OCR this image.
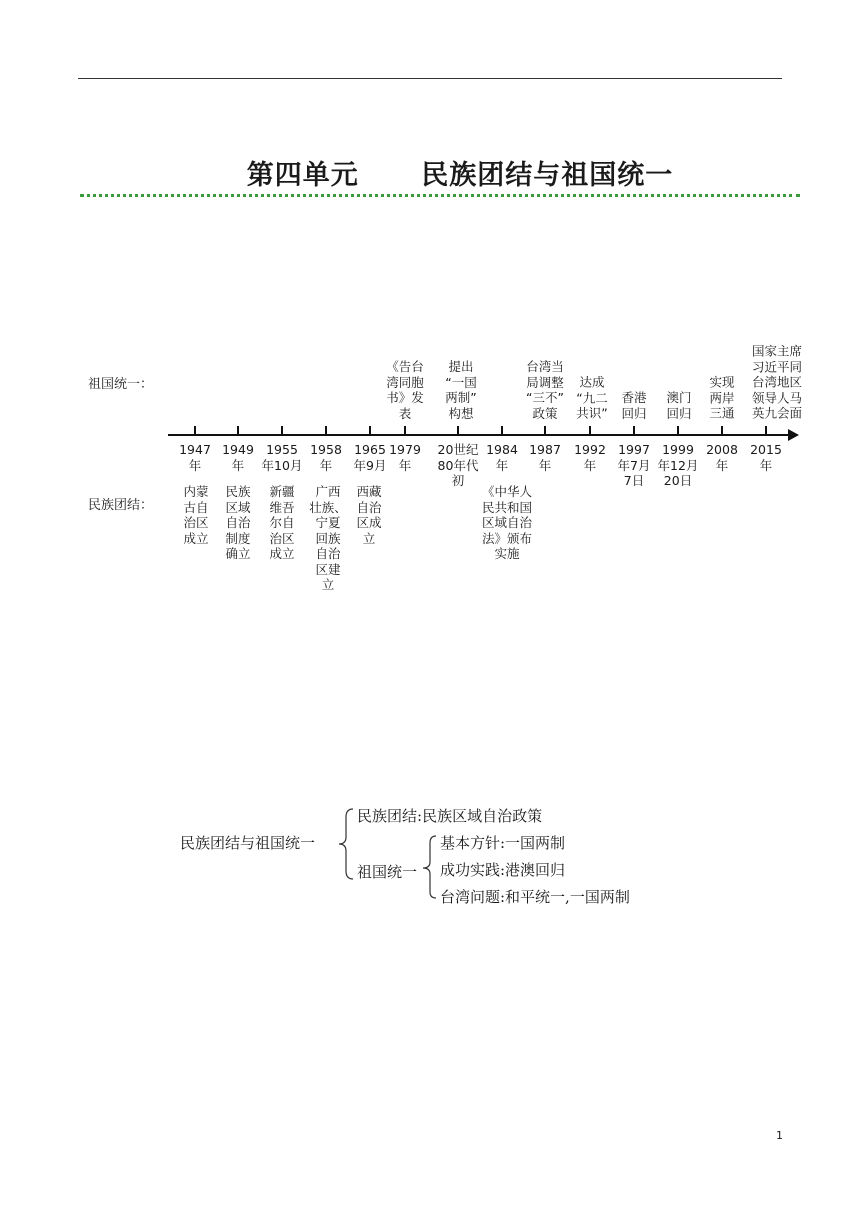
第四单元      民族团结与祖国统一
祖国统一：
民族团结：
1947
年
1949
年
1955
年10月
1958
年
1965
年9月
1979
年
20世纪
80年代
初
1984
年
1987
年
1992
年
1997
年7月
7日
1999
年12月
20日
2008
年
2015
年
《告台
湾同胞
书》发
表
提出
“一国
两制”
构想
台湾当
局调整
“三不”
政策
达成
“九二
共识”
香港
回归
澳门
回归
实现
两岸
三通
国家主席
习近平同
台湾地区
领导人马
英九会面
内蒙
古自
治区
成立
民族
区域
自治
制度
确立
新疆
维吾
尔自
治区
成立
广西
壮族、
宁夏
回族
自治
区建
立
西藏
自治
区成
立
《中华人
民共和国
区域自治
法》颁布
实施
民族团结与祖国统一
民族团结:民族区域自治政策
祖国统一
基本方针:一国两制
成功实践:港澳回归
台湾问题:和平统一,一国两制
1
